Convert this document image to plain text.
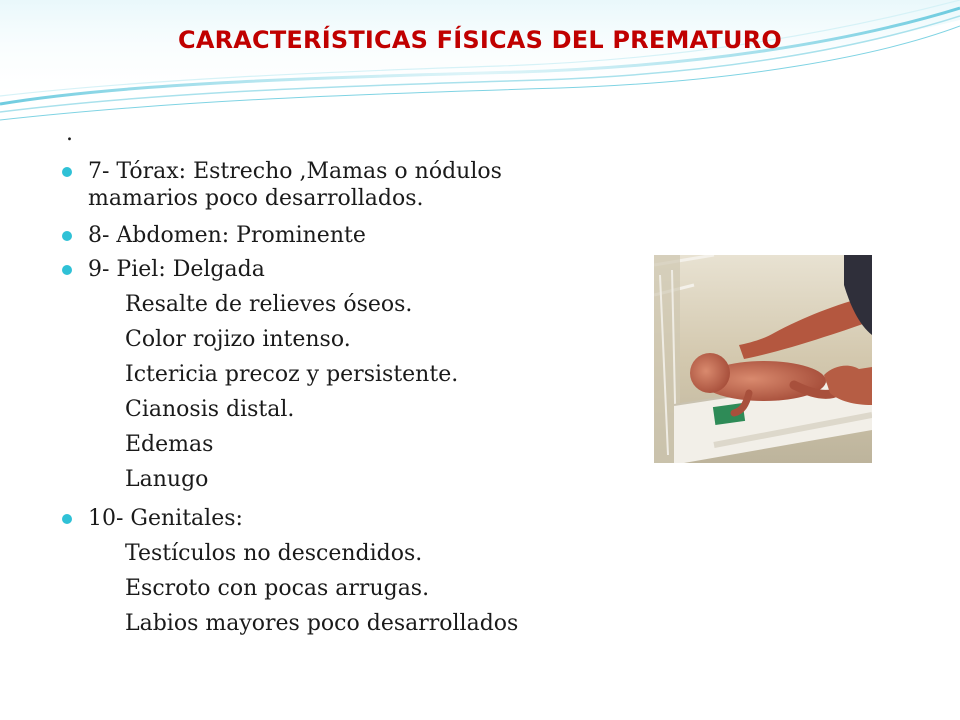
CARACTERÍSTICAS FÍSICAS DEL PREMATURO
.
7- Tórax: Estrecho ,Mamas o nódulos
mamarios poco desarrollados.
8- Abdomen: Prominente
9- Piel: Delgada
Resalte de relieves óseos.
Color rojizo intenso.
Ictericia precoz y persistente.
Cianosis distal.
Edemas
Lanugo
10- Genitales:
Testículos no descendidos.
Escroto con pocas arrugas.
Labios mayores poco desarrollados
